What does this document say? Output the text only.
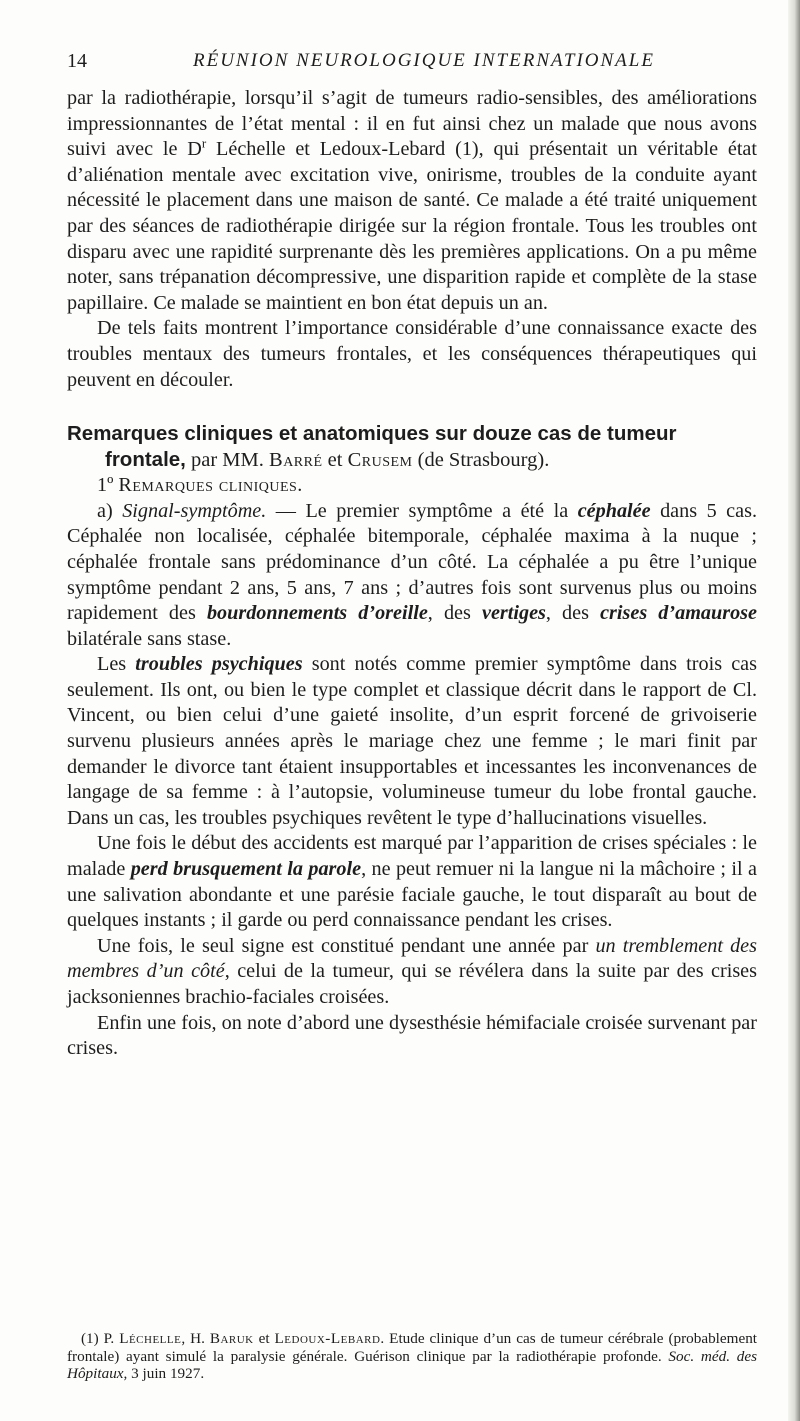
14	RÉUNION NEUROLOGIQUE INTERNATIONALE

par la radiothérapie, lorsqu’il s’agit de tumeurs radio-sensibles, des améliorations impressionnantes de l’état mental : il en fut ainsi chez un malade que nous avons suivi avec le $D^r$ Léchelle et Ledoux-Lebard (1), qui présentait un véritable état d’aliénation mentale avec excitation vive, onirisme, troubles de la conduite ayant nécessité le placement dans une maison de santé. Ce malade a été traité uniquement par des séances de radiothérapie dirigée sur la région frontale. Tous les troubles ont disparu avec une rapidité surprenante dès les premières applications. On a pu même noter, sans trépanation décompressive, une disparition rapide et complète de la stase papillaire. Ce malade se maintient en bon état depuis un an.

De tels faits montrent l’importance considérable d’une connaissance exacte des troubles mentaux des tumeurs frontales, et les conséquences thérapeutiques qui peuvent en découler.

Remarques cliniques et anatomiques sur douze cas de tumeur
frontale, par MM. Barré et Crusem (de Strasbourg).

1º Remarques cliniques.

a) Signal-symptôme. — Le premier symptôme a été la céphalée dans 5 cas. Céphalée non localisée, céphalée bitemporale, céphalée maxima à la nuque ; céphalée frontale sans prédominance d’un côté. La céphalée a pu être l’unique symptôme pendant 2 ans, 5 ans, 7 ans ; d’autres fois sont survenus plus ou moins rapidement des bourdonnements d’oreille, des vertiges, des crises d’amaurose bilatérale sans stase.

Les troubles psychiques sont notés comme premier symptôme dans trois cas seulement. Ils ont, ou bien le type complet et classique décrit dans le rapport de Cl. Vincent, ou bien celui d’une gaieté insolite, d’un esprit forcené de grivoiserie survenu plusieurs années après le mariage chez une femme ; le mari finit par demander le divorce tant étaient insupportables et incessantes les inconvenances de langage de sa femme : à l’autopsie, volumineuse tumeur du lobe frontal gauche. Dans un cas, les troubles psychiques revêtent le type d’hallucinations visuelles.

Une fois le début des accidents est marqué par l’apparition de crises spéciales : le malade perd brusquement la parole, ne peut remuer ni la langue ni la mâchoire ; il a une salivation abondante et une parésie faciale gauche, le tout disparaît au bout de quelques instants ; il garde ou perd connaissance pendant les crises.

Une fois, le seul signe est constitué pendant une année par un tremblement des membres d’un côté, celui de la tumeur, qui se révélera dans la suite par des crises jacksoniennes brachio-faciales croisées.

Enfin une fois, on note d’abord une dysesthésie hémifaciale croisée survenant par crises.

(1) P. Léchelle, H. Baruk et Ledoux-Lebard. Etude clinique d’un cas de tumeur cérébrale (probablement frontale) ayant simulé la paralysie générale. Guérison clinique par la radiothérapie profonde. Soc. méd. des Hôpitaux, 3 juin 1927.
